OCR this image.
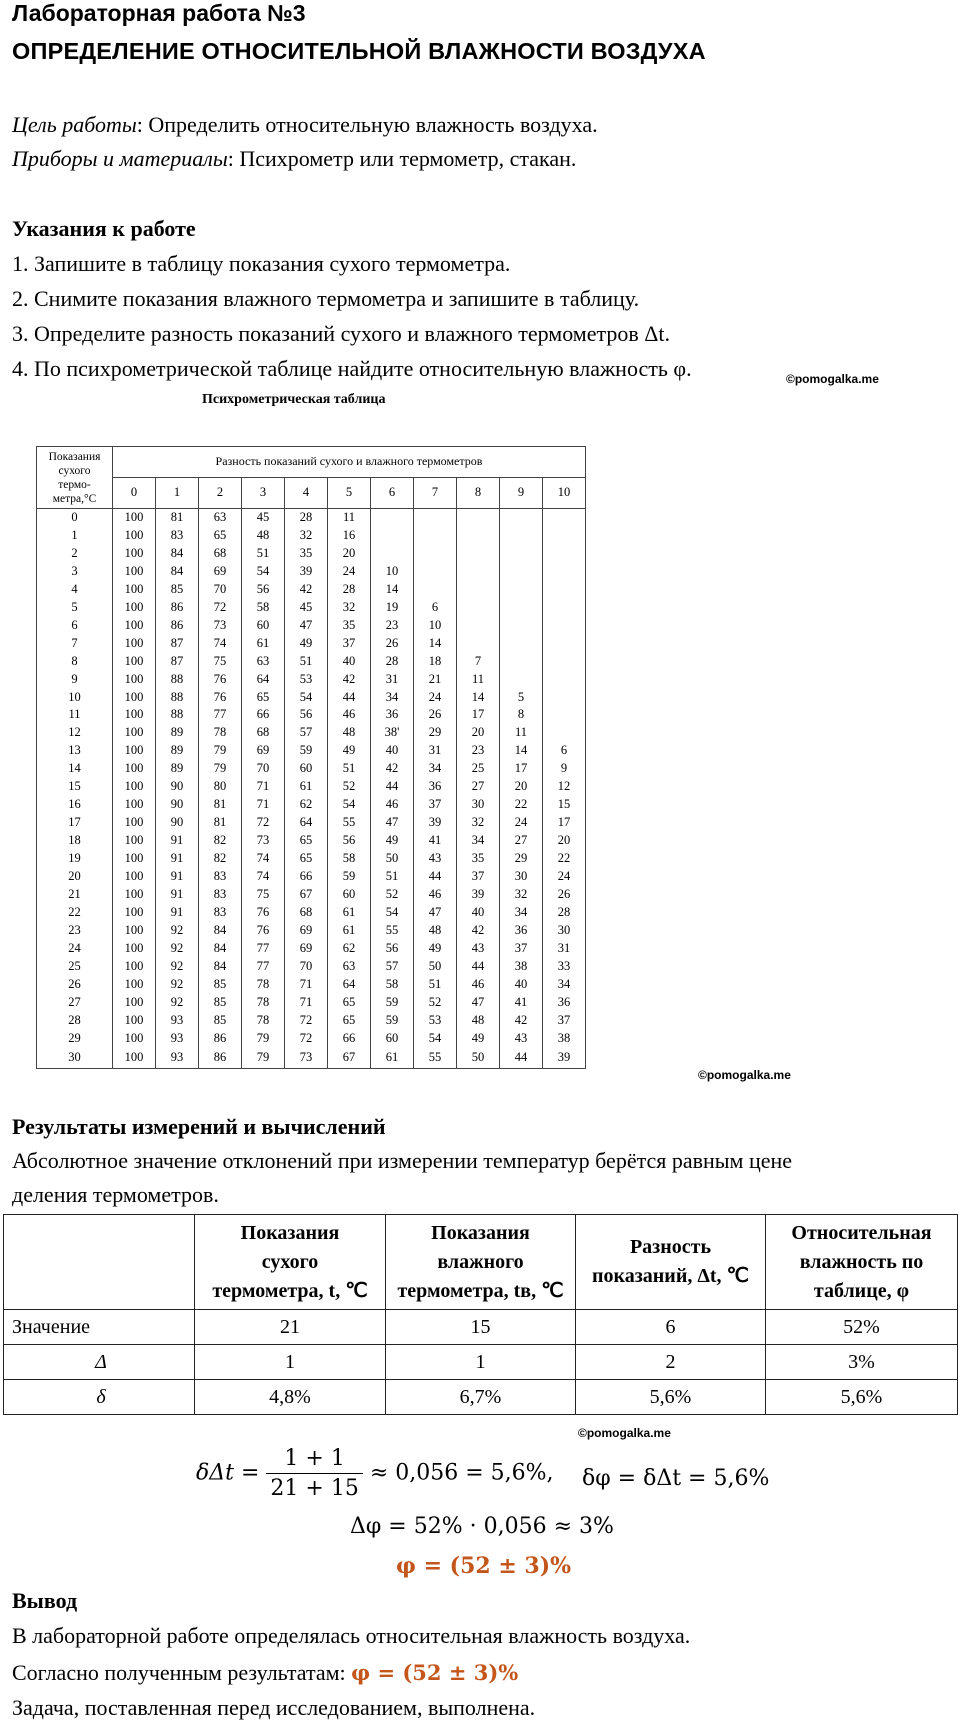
Лабораторная работа №3
ОПРЕДЕЛЕНИЕ ОТНОСИТЕЛЬНОЙ ВЛАЖНОСТИ ВОЗДУХА
Цель работы: Определить относительную влажность воздуха.
Приборы и материалы: Психрометр или термометр, стакан.
Указания к работе
1. Запишите в таблицу показания сухого термометра.
2. Снимите показания влажного термометра и запишите в таблицу.
3. Определите разность показаний сухого и влажного термометров Δt.
4. По психрометрической таблице найдите относительную влажность φ.	©pomogalka.me
Психрометрическая таблица
Показания
сухого
термо-
метра,°С	Разность показаний сухого и влажного термометров										
	0	1	2	3	4	5	6	7	8	9	10
0	100	81	63	45	28	11					
1	100	83	65	48	32	16					
2	100	84	68	51	35	20					
3	100	84	69	54	39	24	10				
4	100	85	70	56	42	28	14				
5	100	86	72	58	45	32	19	6			
6	100	86	73	60	47	35	23	10			
7	100	87	74	61	49	37	26	14			
8	100	87	75	63	51	40	28	18	7		
9	100	88	76	64	53	42	31	21	11		
10	100	88	76	65	54	44	34	24	14	5	
11	100	88	77	66	56	46	36	26	17	8	
12	100	89	78	68	57	48	38'	29	20	11	
13	100	89	79	69	59	49	40	31	23	14	6
14	100	89	79	70	60	51	42	34	25	17	9
15	100	90	80	71	61	52	44	36	27	20	12
16	100	90	81	71	62	54	46	37	30	22	15
17	100	90	81	72	64	55	47	39	32	24	17
18	100	91	82	73	65	56	49	41	34	27	20
19	100	91	82	74	65	58	50	43	35	29	22
20	100	91	83	74	66	59	51	44	37	30	24
21	100	91	83	75	67	60	52	46	39	32	26
22	100	91	83	76	68	61	54	47	40	34	28
23	100	92	84	76	69	61	55	48	42	36	30
24	100	92	84	77	69	62	56	49	43	37	31
25	100	92	84	77	70	63	57	50	44	38	33
26	100	92	85	78	71	64	58	51	46	40	34
27	100	92	85	78	71	65	59	52	47	41	36
28	100	93	85	78	72	65	59	53	48	42	37
29	100	93	86	79	72	66	60	54	49	43	38
30	100	93	86	79	73	67	61	55	50	44	39
©pomogalka.me
Результаты измерений и вычислений
Абсолютное значение отклонений при измерении температур берётся равным цене
деления термометров.
	Показания
сухого
термометра, t, ℃	Показания
влажного
термометра, tв, ℃	Разность
показаний, Δt, ℃	Относительная
влажность по
таблице, φ
Значение	21	15	6	52%
Δ	1	1	2	3%
δ	4,8%	6,7%	5,6%	5,6%
©pomogalka.me
$\delta\Delta t = \frac{1 + 1}{21 + 15} \approx 0,056 = 5,6\%$, δφ = δΔt = 5,6%
Δφ = 52% · 0,056 ≈ 3%
φ = (52 ± 3)%
Вывод
В лабораторной работе определялась относительная влажность воздуха.
Согласно полученным результатам: φ = (52 ± 3)%
Задача, поставленная перед исследованием, выполнена.
